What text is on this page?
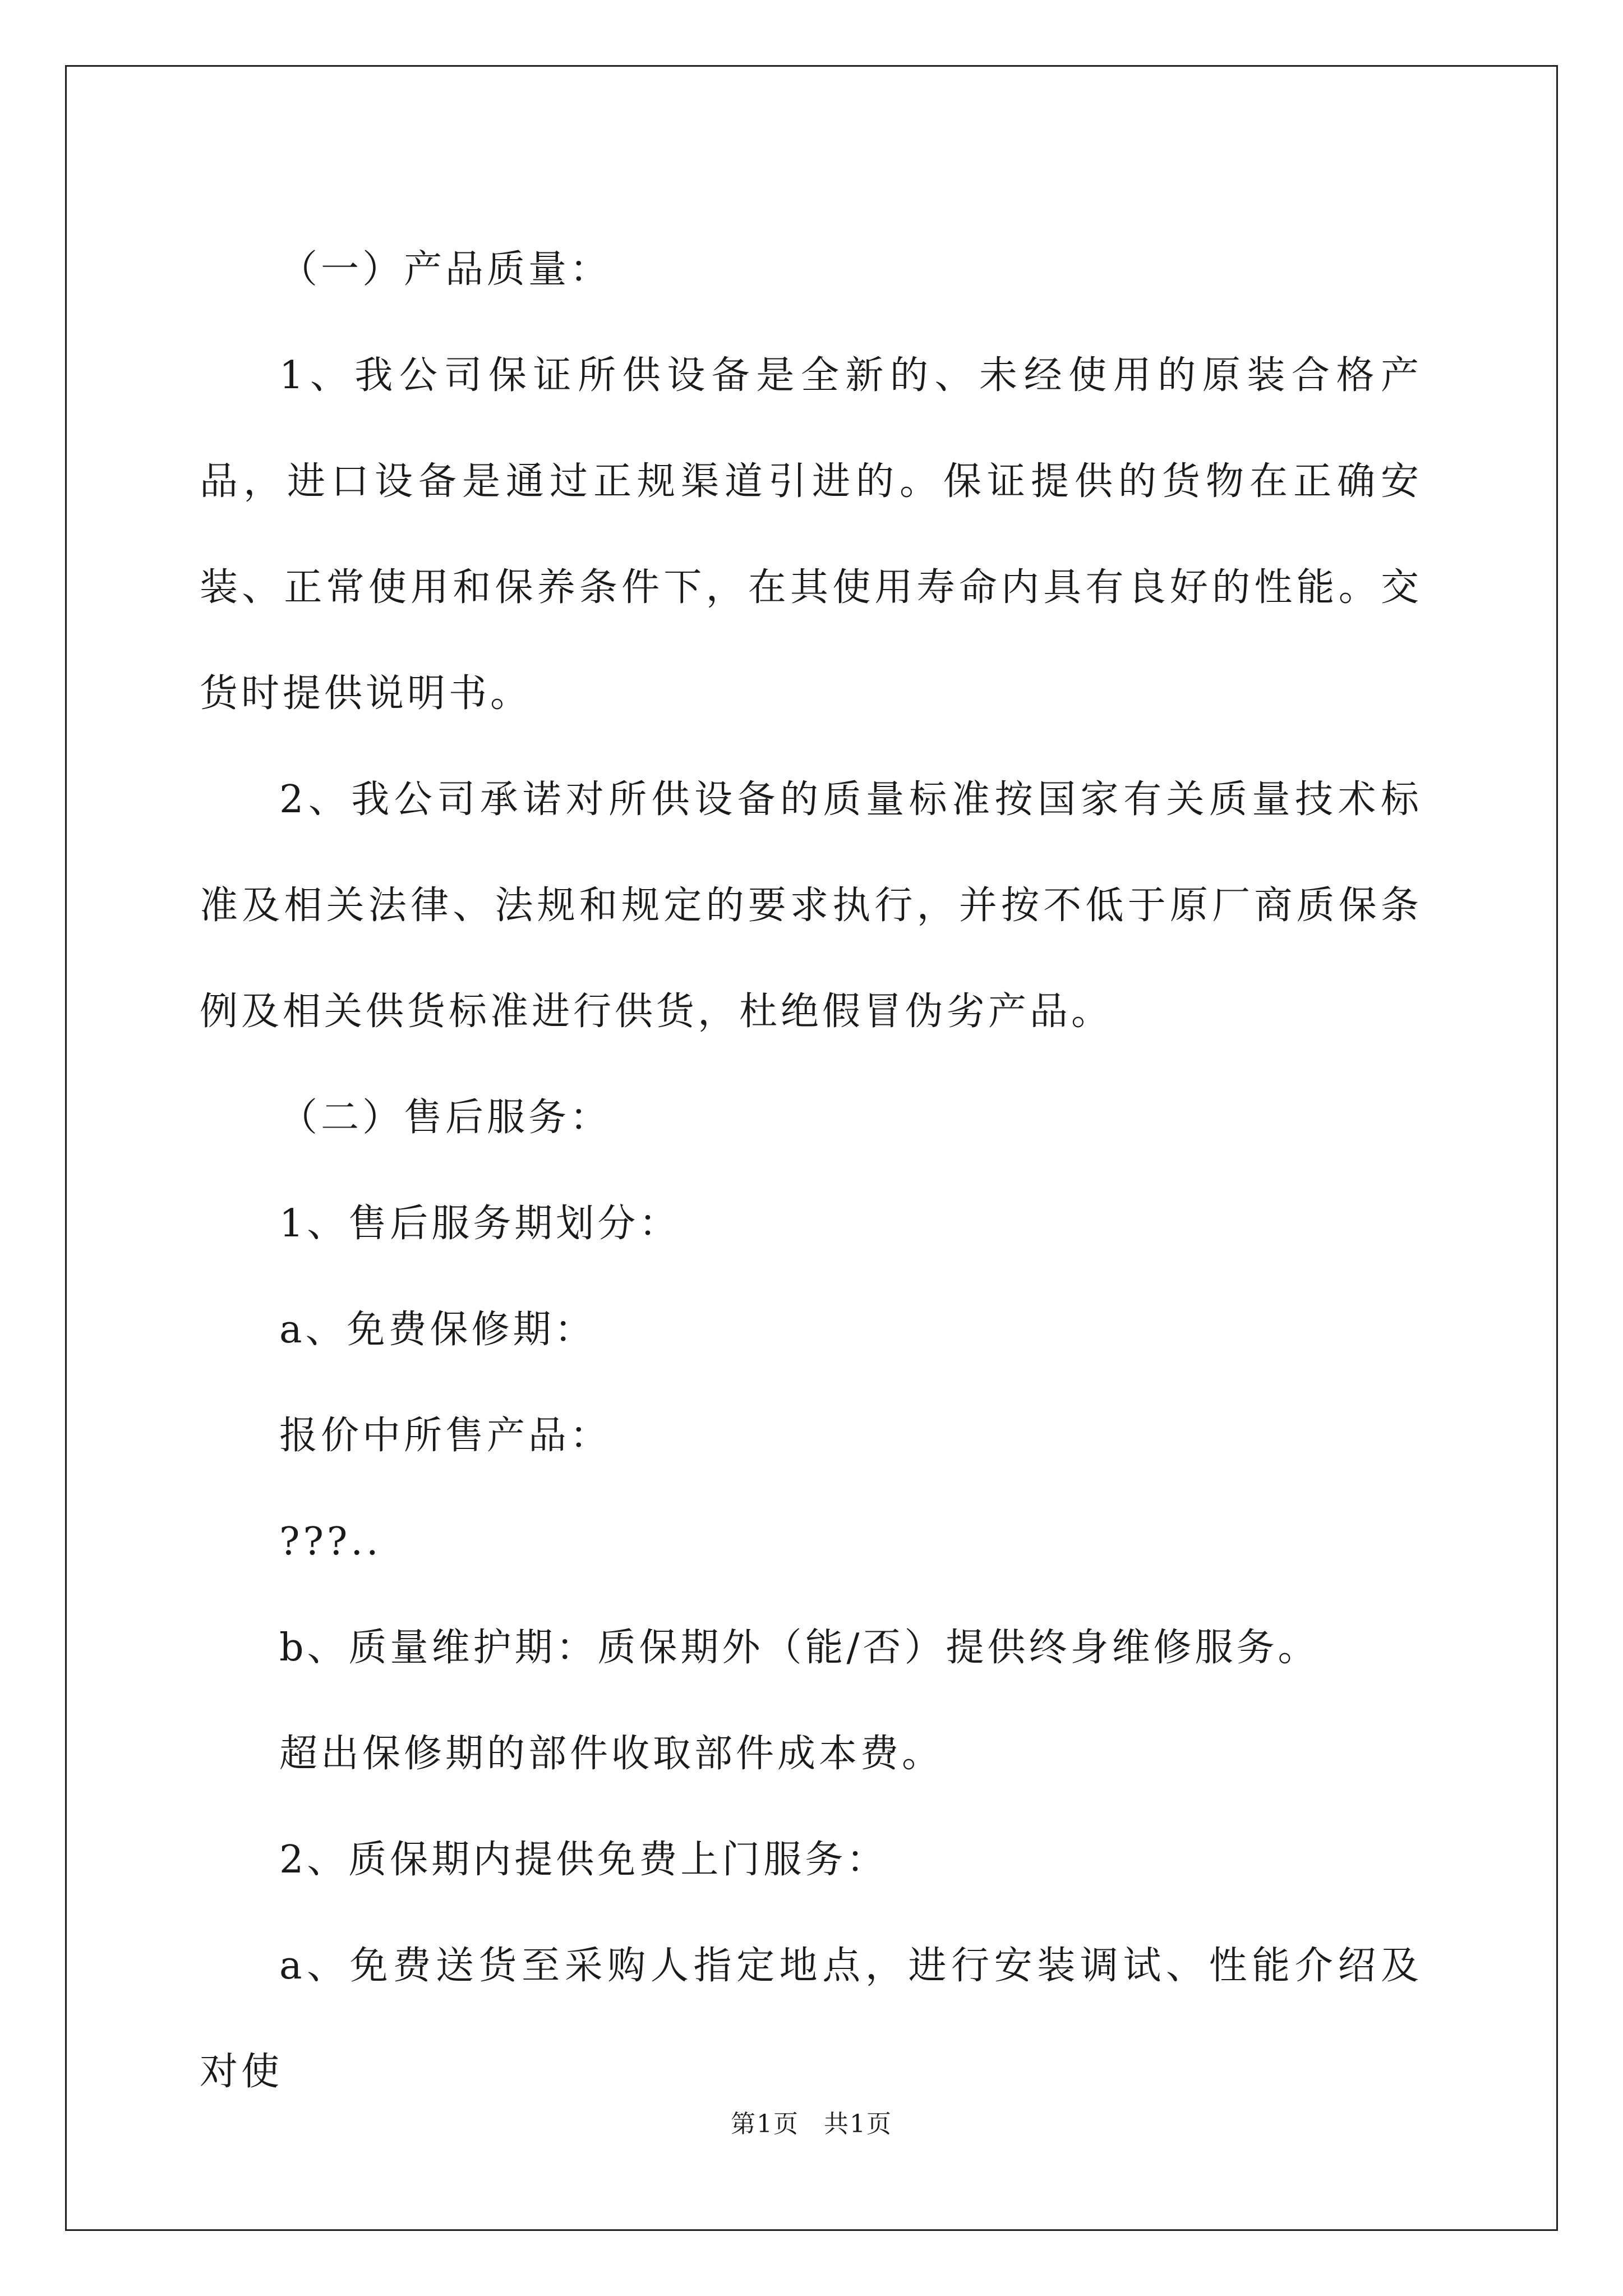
（一）产品质量：

1、我公司保证所供设备是全新的、未经使用的原装合格产品，进口设备是通过正规渠道引进的。保证提供的货物在正确安装、正常使用和保养条件下，在其使用寿命内具有良好的性能。交货时提供说明书。

2、我公司承诺对所供设备的质量标准按国家有关质量技术标准及相关法律、法规和规定的要求执行，并按不低于原厂商质保条例及相关供货标准进行供货，杜绝假冒伪劣产品。

（二）售后服务：

1、售后服务期划分：

a、免费保修期：

报价中所售产品：

???..

b、质量维护期：质保期外（能/否）提供终身维修服务。

超出保修期的部件收取部件成本费。

2、质保期内提供免费上门服务：

a、免费送货至采购人指定地点，进行安装调试、性能介绍及对使

第1页 共1页
